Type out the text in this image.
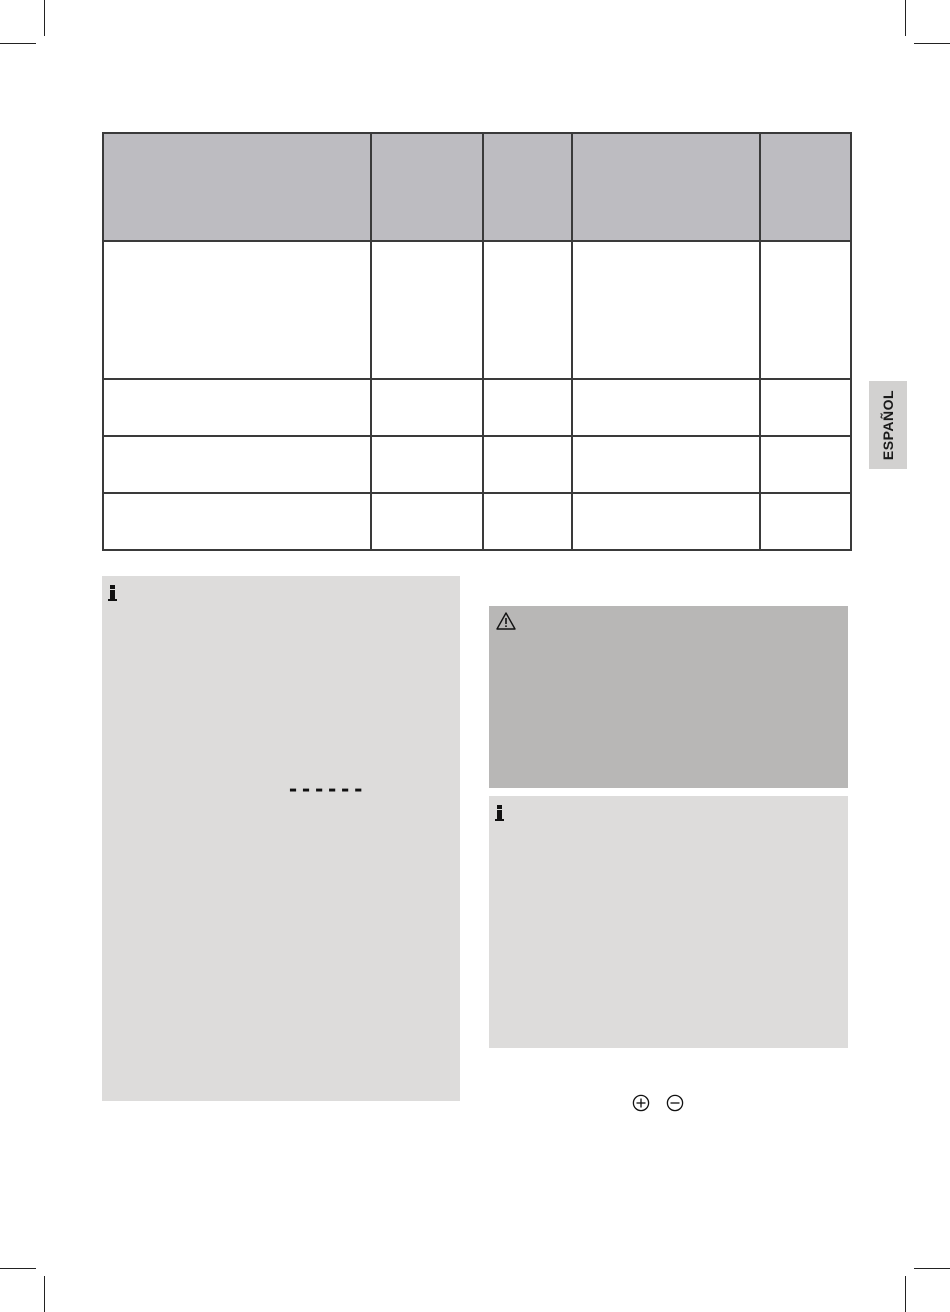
------
ESPAÑOL
